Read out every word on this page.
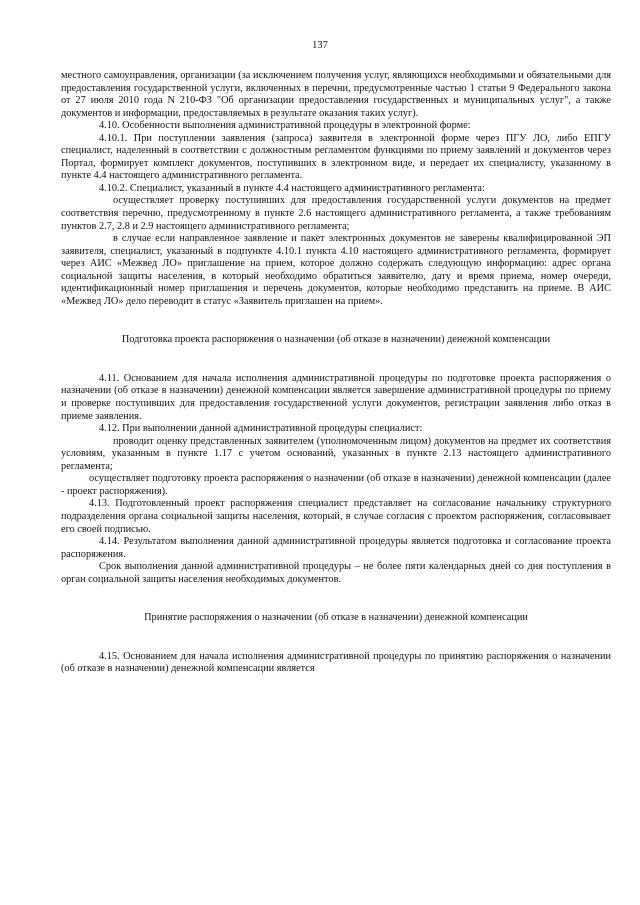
137

местного самоуправления, организации (за исключением получения услуг, являющихся необходимыми и обязательными для предоставления государственной услуги, включенных в перечни, предусмотренные частью 1 статьи 9 Федерального закона от 27 июля 2010 года N 210-ФЗ "Об организации предоставления государственных и муниципальных услуг", а также документов и информации, предоставляемых в результате оказания таких услуг).

4.10. Особенности выполнения административной процедуры в электронной форме:

4.10.1. При поступлении заявления (запроса) заявителя в электронной форме через ПГУ ЛО, либо ЕПГУ специалист, наделенный в соответствии с должностным регламентом функциями по приему заявлений и документов через Портал, формирует комплект документов, поступивших в электронном виде, и передает их специалисту, указанному в пункте 4.4 настоящего административного регламента.

4.10.2. Специалист, указанный в пункте 4.4 настоящего административного регламента:

осуществляет проверку поступивших для предоставления государственной услуги документов на предмет соответствия перечню, предусмотренному в пункте 2.6 настоящего административного регламента, а также требованиям пунктов 2.7, 2.8 и 2.9 настоящего административного регламента;

в случае если направленное заявление и пакет электронных документов не заверены квалифицированной ЭП заявителя, специалист, указанный в подпункте 4.10.1 пункта 4.10 настоящего административного регламента, формирует через АИС «Межвед ЛО» приглашение на прием, которое должно содержать следующую информацию: адрес органа социальной защиты населения, в который необходимо обратиться заявителю, дату и время приема, номер очереди, идентификационный номер приглашения и перечень документов, которые необходимо представить на приеме. В АИС «Межвед ЛО» дело переводит в статус «Заявитель приглашен на прием».

Подготовка проекта распоряжения о назначении (об отказе в назначении) денежной компенсации

4.11. Основанием для начала исполнения административной процедуры по подготовке проекта распоряжения о назначении (об отказе в назначении) денежной компенсации является завершение административной процедуры по приему и проверке поступивших для предоставления государственной услуги документов, регистрации заявления либо отказ в приеме заявления.

4.12. При выполнении данной административной процедуры специалист:

проводит оценку представленных заявителем (уполномоченным лицом) документов на предмет их соответствия условиям, указанным в пункте 1.17 с учетом оснований, указанных в пункте 2.13 настоящего административного регламента;

осуществляет подготовку проекта распоряжения о назначении (об отказе в назначении) денежной компенсации (далее - проект распоряжения).

4.13. Подготовленный проект распоряжения специалист представляет на согласование начальнику структурного подразделения органа социальной защиты населения, который, в случае согласия с проектом распоряжения, согласовывает его своей подписью.

4.14. Результатом выполнения данной административной процедуры является подготовка и согласование проекта распоряжения.

Срок выполнения данной административной процедуры – не более пяти календарных дней со дня поступления в орган социальной защиты населения необходимых документов.

Принятие распоряжения о назначении (об отказе в назначении) денежной компенсации

4.15. Основанием для начала исполнения административной процедуры по принятию распоряжения о назначении (об отказе в назначении) денежной компенсации является
